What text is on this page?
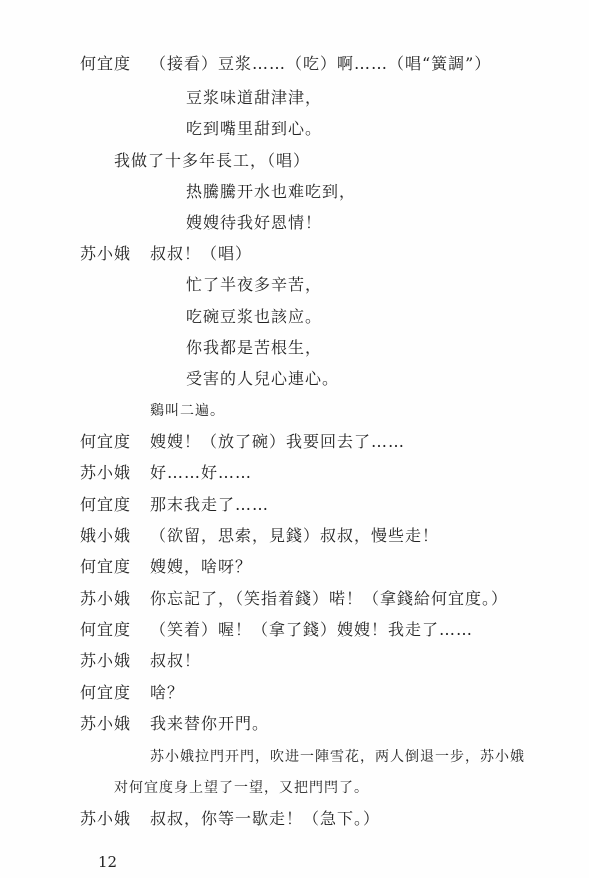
何宜度	（接看）豆浆……（吃）啊……（唱“簧調”）
豆浆味道甜津津，
吃到嘴里甜到心。
我做了十多年長工，（唱）
热騰騰开水也难吃到，
嫂嫂待我好恩情！
苏小娥	叔叔！（唱）
忙了半夜多辛苦，
吃碗豆浆也該应。
你我都是苦根生，
受害的人兒心連心。
鷄叫二遍。
何宜度	嫂嫂！（放了碗）我要回去了……
苏小娥	好……好……
何宜度	那末我走了……
娥小娥	（欲留，思索，見錢）叔叔，慢些走！
何宜度	嫂嫂，啥呀？
苏小娥	你忘記了，（笑指着錢）喏！（拿錢給何宜度。）
何宜度	（笑着）喔！（拿了錢）嫂嫂！我走了……
苏小娥	叔叔！
何宜度	啥？
苏小娥	我来替你开門。
苏小娥拉門开門，吹进一陣雪花，两人倒退一步，苏小娥
对何宜度身上望了一望，又把門閂了。
苏小娥	叔叔，你等一歇走！（急下。）
12
